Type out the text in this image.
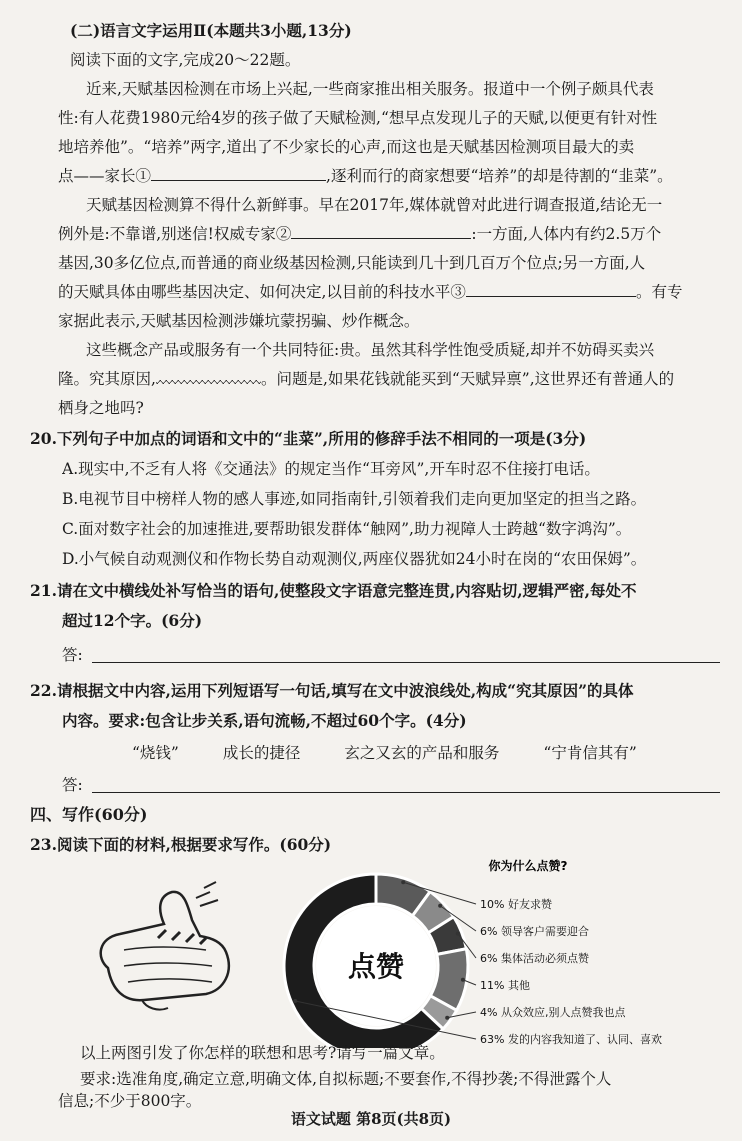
(二)语言文字运用Ⅱ(本题共3小题,13分)
阅读下面的文字,完成20～22题。
近来,天赋基因检测在市场上兴起,一些商家推出相关服务。报道中一个例子颇具代表
性:有人花费1980元给4岁的孩子做了天赋检测,“想早点发现儿子的天赋,以便更有针对性
地培养他”。“培养”两字,道出了不少家长的心声,而这也是天赋基因检测项目最大的卖
点——家长①	,逐利而行的商家想要“培养”的却是待割的“韭菜”。
天赋基因检测算不得什么新鲜事。早在2017年,媒体就曾对此进行调查报道,结论无一
例外是:不靠谱,别迷信!权威专家②	:一方面,人体内有约2.5万个
基因,30多亿位点,而普通的商业级基因检测,只能读到几十到几百万个位点;另一方面,人
的天赋具体由哪些基因决定、如何决定,以目前的科技水平③	。有专
家据此表示,天赋基因检测涉嫌坑蒙拐骗、炒作概念。
这些概念产品或服务有一个共同特征:贵。虽然其科学性饱受质疑,却并不妨碍买卖兴
隆。究其原因,	。问题是,如果花钱就能买到“天赋异禀”,这世界还有普通人的
栖身之地吗?
20.下列句子中加点的词语和文中的“韭菜”,所用的修辞手法不相同的一项是(3分)
A.现实中,不乏有人将《交通法》的规定当作“耳旁风”,开车时忍不住接打电话。
B.电视节目中榜样人物的感人事迹,如同指南针,引领着我们走向更加坚定的担当之路。
C.面对数字社会的加速推进,要帮助银发群体“触网”,助力视障人士跨越“数字鸿沟”。
D.小气候自动观测仪和作物长势自动观测仪,两座仪器犹如24小时在岗的“农田保姆”。
21.请在文中横线处补写恰当的语句,使整段文字语意完整连贯,内容贴切,逻辑严密,每处不
超过12个字。(6分)
答:
22.请根据文中内容,运用下列短语写一句话,填写在文中波浪线处,构成“究其原因”的具体
内容。要求:包含让步关系,语句流畅,不超过60个字。(4分)
“烧钱”	成长的捷径	玄之又玄的产品和服务	“宁肯信其有”
答:
四、写作(60分)
23.阅读下面的材料,根据要求写作。(60分)
你为什么点赞?
点赞
10% 好友求赞
6% 领导客户需要迎合
6% 集体活动必须点赞
11% 其他
4% 从众效应,别人点赞我也点
63% 发的内容我知道了、认同、喜欢
以上两图引发了你怎样的联想和思考?请写一篇文章。
要求:选准角度,确定立意,明确文体,自拟标题;不要套作,不得抄袭;不得泄露个人
语文试题 第8页(共8页)
信息;不少于800字。
